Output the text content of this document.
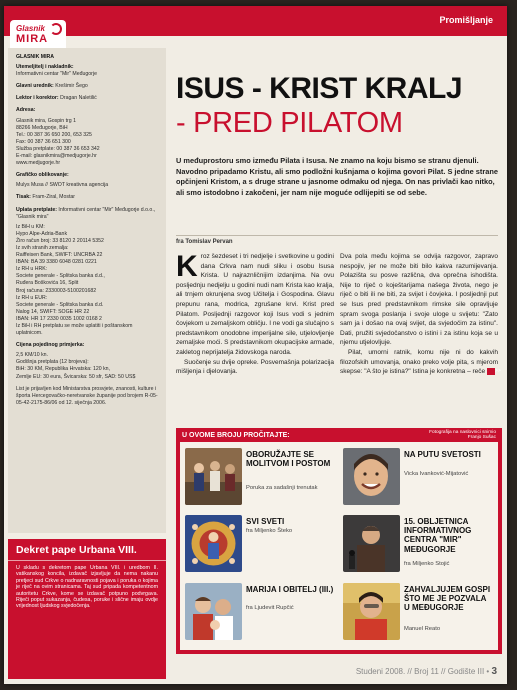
Glasnik
MIRA
Promišljanje

GLASNIK MIRA

Utemeljitelj i nakladnik:
Informativni centar "Mir" Međugorje

Glavni urednik: Krešimir Šego

Lektor i korektor: Dragan Naletilić

Adresa:

Glasnik mira, Gospin trg 1
88266 Međugorje, BiH
Tel.: 00 387 36 650 200, 653 325
Fax: 00 387 36 651 300
Služba pretplate: 00 387 36 653 342
E-mail: glasnikmira@medjugorje.hr
www.medjugorje.hr

Grafičko oblikovanje:

Mulys Musa // SWOT kreativna agencija

Tisak: Fram-Ziral, Mostar

Uplata pretplate: Informativni centar "Mir" Međugorje d.o.o., "Glasnik mira"

Iz BiH u KM:
Hypo Alpe-Adria-Bank
Žiro račun broj: 33 8120 2 20114 5352
Iz svih stranih zemalja:
Raiffeisen Bank, SWIFT: UNCRBA 22
IBAN: BA 39 3380 6048 0281 0221
Iz RH u HRK:
Societe generale - Splitska banka d.d.,
Ruđera Boškovića 16, Split
Broj računa: 2330003-5100201682
Iz RH u EUR:
Societe generale - Splitska banka d.d.
Nalog 14, SWIFT: SOGE HR 22
IBAN: HR 17 2330 0035 1002 0168 2
Iz BiH i RH pretplatu se može uplatiti i poštanskom uplatnicom.

Cijena pojedinog primjerka:

2,5 KM/10 kn.
Godišnja pretplata (12 brojeva):
BiH: 30 KM, Republika Hrvatska: 120 kn,
Zemlje EU: 30 eura, Švicarska: 50 sfr, SAD: 50 US$

List je prijavljen kod Ministarstva prosvjete, znanosti, kulture i športa Hercegovačko-neretvanske županije pod brojem R-05-05-42-2175-86/06 od 12. siječnja 2006.

Dekret pape Urbana VIII.

U skladu s dekretom pape Urbana VIII. i uredbom II. vatikanskog koncila, izdavač izjavljuje da nema nakanu pretjeci sud Crkve o nadnaravnosti pojava i poruka o kojima je riječ na ovim stranicama. Taj sud pripada kompetentnom autoritetu Crkve, kome se izdavač potpuno podvrgava. Riječi poput sukazanja, čudesa, poruke i slične imaju ovdje vrijednost ljudskog svjedočenja.

ISUS - KRIST KRALJ
- PRED PILATOM
U međuprostoru smo između Pilata i Isusa. Ne znamo na koju bismo se stranu djenuli. Navodno pripadamo Kristu, ali smo podložni kušnjama o kojima govori Pilat. S jedne strane opčinjeni Kristom, a s druge strane u jasnome odmaku od njega. On nas privlači kao nitko, ali smo istodobno i zakočeni, jer nam nije moguće odlijepiti se od sebe.
fra Tomislav Pervan
K roz šezdeset i tri nedjelje i svetkovine u godini dana Crkva nam nudi sliku i osobu Isusa Krista. U najraznličnijim izdanjima. Na ovu posljednju nedjelju u godini nudi nam Krista kao kralja, ali trnjem okrunjena svog Učitelja i Gospodina. Glavu prepunu rana, modrica, zgrušane krvi. Krist pred Pilatom. Posljednji razgovor koji Isus vodi s jednim čovjekom u zemaljskom obličju. I ne vodi ga slučajno s predstavnikom onodobne imperijalne sile, utjelovljenje zemaljske moći. S predstavnikom okupacijske armade, zakletog neprijatelja židovskoga naroda.

Suočenje su dvije opreke. Posvemašnja polarizacija mišljenja i djelovanja.

Dva pola među kojima se odvija razgovor, zapravo nespojiv, jer ne može biti bilo kakva razumijevanja. Polazišta su posve različna, dva oprečna ishodišta. Nije to riječ o koještarijama našega života, nego je riječ o biti ili ne biti, za svijet i čovjeka. I posljednji put se Isus pred predstavnikom rimske sile opravljuje spram svoga poslanja i svoje uloge u svijetu: "Zato sam ja i došao na ovaj svijet, da svjedočim za istinu". Dati, pružiti svjedočanstvo o istini i za istinu koja se u njemu utjelovljuje.

Pilat, umorni ratnik, komu nije ni do kakvih filozofskih umovanja, onako preko volje pita, s mjerom skepse: "A što je istina?" Istina je konkretna – reče >>

U OVOME BROJU PROČITAJTE:	Fotografija na naslovnici snimio
Franjo Sušac
OBORUŽAJTE SE MOLITVOM I POSTOM
Poruka za sadašnji trenutak
NA PUTU SVETOSTI
Vicka Ivanković-Mijatović
SVI SVETI
fra Miljenko Šteko
15. OBLJETNICA INFORMATIVNOG CENTRA "MIR" MEĐUGORJE
fra Miljenko Stojić
MARIJA I OBITELJ (III.)
fra Ljudevit Rupčić
ZAHVALJUJEM GOSPI ŠTO ME JE POZVALA U MEĐUGORJE
Manuel Reato
Studeni 2008. // Broj 11 // Godište III • 3
